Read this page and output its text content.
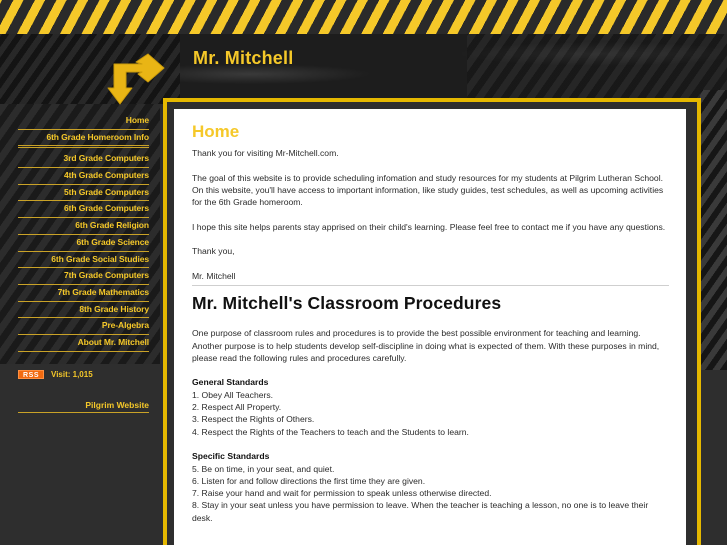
Mr. Mitchell
Home
6th Grade Homeroom Info
3rd Grade Computers
4th Grade Computers
5th Grade Computers
6th Grade Computers
6th Grade Religion
6th Grade Science
6th Grade Social Studies
7th Grade Computers
7th Grade Mathematics
8th Grade History
Pre-Algebra
About Mr. Mitchell
RSS	Visit: 1,015
Pilgrim Website
Home

Thank you for visiting Mr-Mitchell.com.

The goal of this website is to provide scheduling infomation and study resources for my students at Pilgrim Lutheran School. On this website, you'll have access to important information, like study guides, test schedules, as well as upcoming activities for the 6th Grade homeroom.

I hope this site helps parents stay apprised on their child's learning. Please feel free to contact me if you have any questions.

Thank you,

Mr. Mitchell

Mr. Mitchell's Classroom Procedures

One purpose of classroom rules and procedures is to provide the best possible environment for teaching and learning. Another purpose is to help students develop self-discipline in doing what is expected of them. With these purposes in mind, please read the following rules and procedures carefully.

General Standards
1. Obey All Teachers.
2. Respect All Property.
3. Respect the Rights of Others.
4. Respect the Rights of the Teachers to teach and the Students to learn.
Specific Standards
5. Be on time, in your seat, and quiet.
6. Listen for and follow directions the first time they are given.
7. Raise your hand and wait for permission to speak unless otherwise directed.
8. Stay in your seat unless you have permission to leave. When the teacher is teaching a lesson, no one is to leave their desk.
